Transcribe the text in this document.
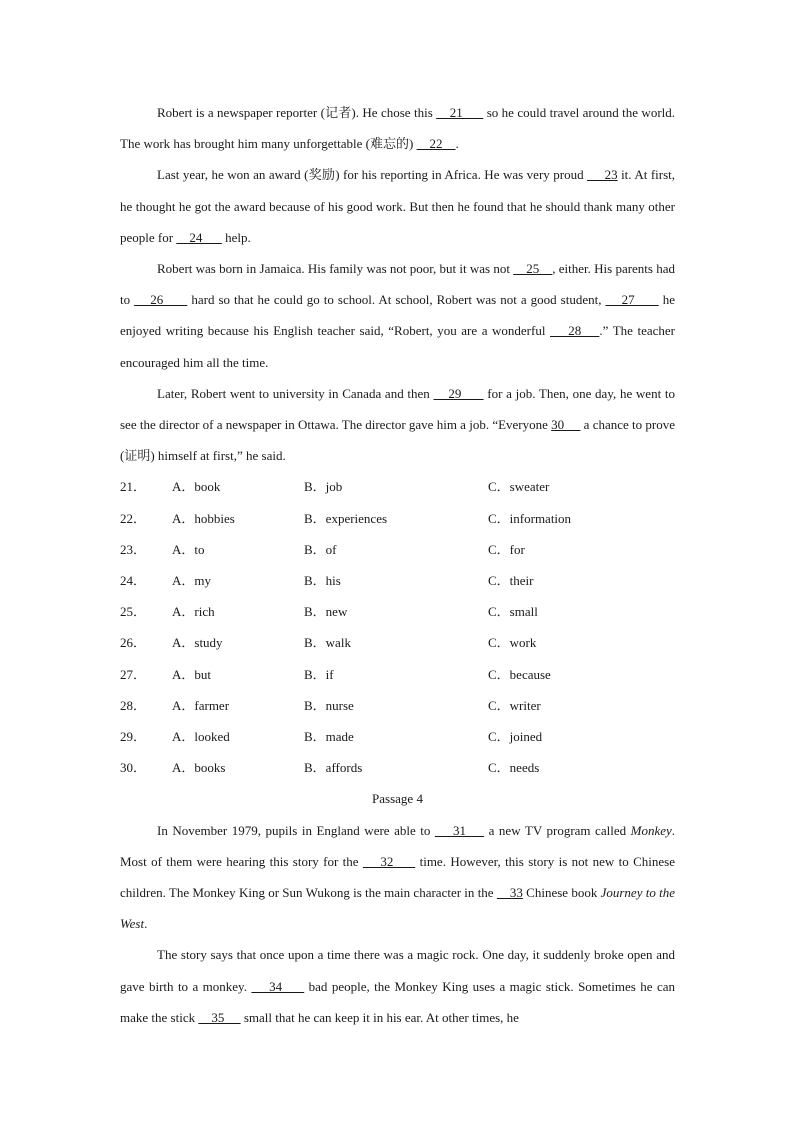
Robert is a newspaper reporter (记者). He chose this     21       so he could travel around the world. The work has brought him many unforgettable (难忘的)     22    .

Last year, he won an award (奖励) for his reporting in Africa. He was very proud      23 it. At first, he thought he got the award because of his good work. But then he found that he should thank many other people for     24       help.

Robert was born in Jamaica. His family was not poor, but it was not     25    , either. His parents had to     26       hard so that he could go to school. At school, Robert was not a good student,     27       he enjoyed writing because his English teacher said, “Robert, you are a wonderful     28    .” The teacher encouraged him all the time.

Later, Robert went to university in Canada and then     29       for a job. Then, one day, he went to see the director of a newspaper in Ottawa. The director gave him a job. “Everyone 30      a chance to prove (证明) himself at first,” he said.

21． A．book	B．job	C．sweater
22． A．hobbies	B．experiences	C．information
23． A．to	B．of	C．for
24． A．my	B．his	C．their
25． A．rich	B．new	C．small
26． A．study	B．walk	C．work
27． A．but	B．if	C．because
28． A．farmer	B．nurse	C．writer
29． A．looked	B．made	C．joined
30． A．books	B．affords	C．needs

Passage 4

In November 1979, pupils in England were able to     31     a new TV program called Monkey. Most of them were hearing this story for the     32      time. However, this story is not new to Chinese children. The Monkey King or Sun Wukong is the main character in the     33 Chinese book Journey to the West.

The story says that once upon a time there was a magic rock. One day, it suddenly broke open and gave birth to a monkey.     34      bad people, the Monkey King uses a magic stick. Sometimes he can make the stick     35      small that he can keep it in his ear. At other times, he
